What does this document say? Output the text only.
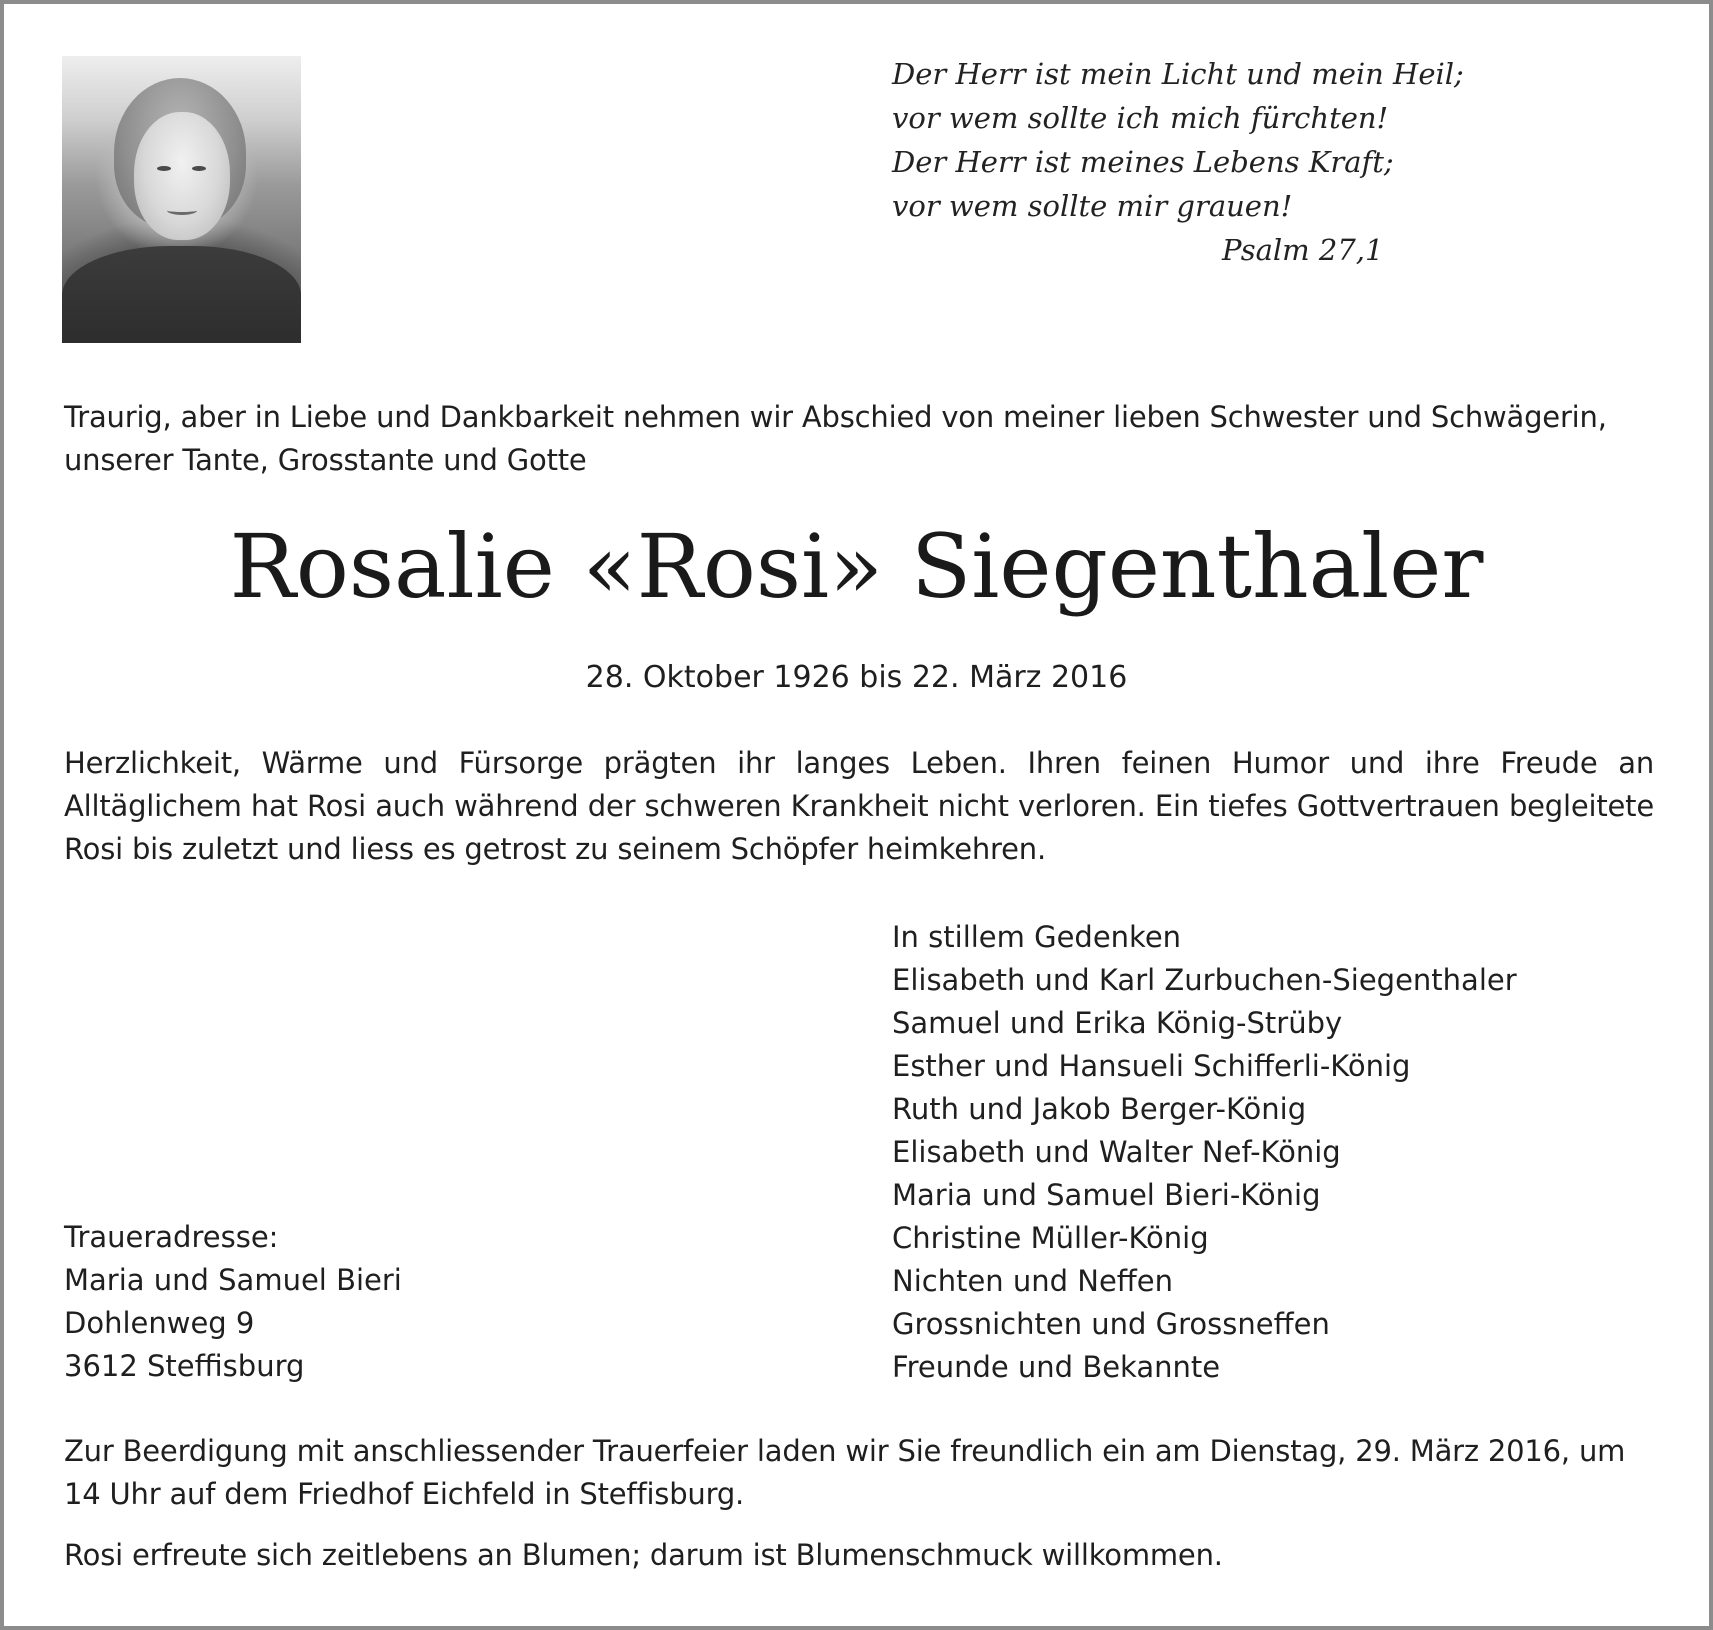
Der Herr ist mein Licht und mein Heil;
vor wem sollte ich mich fürchten!
Der Herr ist meines Lebens Kraft;
vor wem sollte mir grauen!
Psalm 27,1
Traurig, aber in Liebe und Dankbarkeit nehmen wir Abschied von meiner lieben Schwester und Schwägerin,
unserer Tante, Grosstante und Gotte
Rosalie «Rosi» Siegenthaler
28. Oktober 1926 bis 22. März 2016
Herzlichkeit, Wärme und Fürsorge prägten ihr langes Leben. Ihren feinen Humor und ihre Freude an Alltäglichem hat Rosi auch während der schweren Krankheit nicht verloren. Ein tiefes Gottvertrauen begleitete Rosi bis zuletzt und liess es getrost zu seinem Schöpfer heimkehren.
In stillem Gedenken
Elisabeth und Karl Zurbuchen-Siegenthaler
Samuel und Erika König-Strüby
Esther und Hansueli Schifferli-König
Ruth und Jakob Berger-König
Elisabeth und Walter Nef-König
Maria und Samuel Bieri-König
Christine Müller-König
Nichten und Neffen
Grossnichten und Grossneffen
Freunde und Bekannte
Traueradresse:
Maria und Samuel Bieri
Dohlenweg 9
3612 Steffisburg
Zur Beerdigung mit anschliessender Trauerfeier laden wir Sie freundlich ein am Dienstag, 29. März 2016, um
14 Uhr auf dem Friedhof Eichfeld in Steffisburg.
Rosi erfreute sich zeitlebens an Blumen; darum ist Blumenschmuck willkommen.
